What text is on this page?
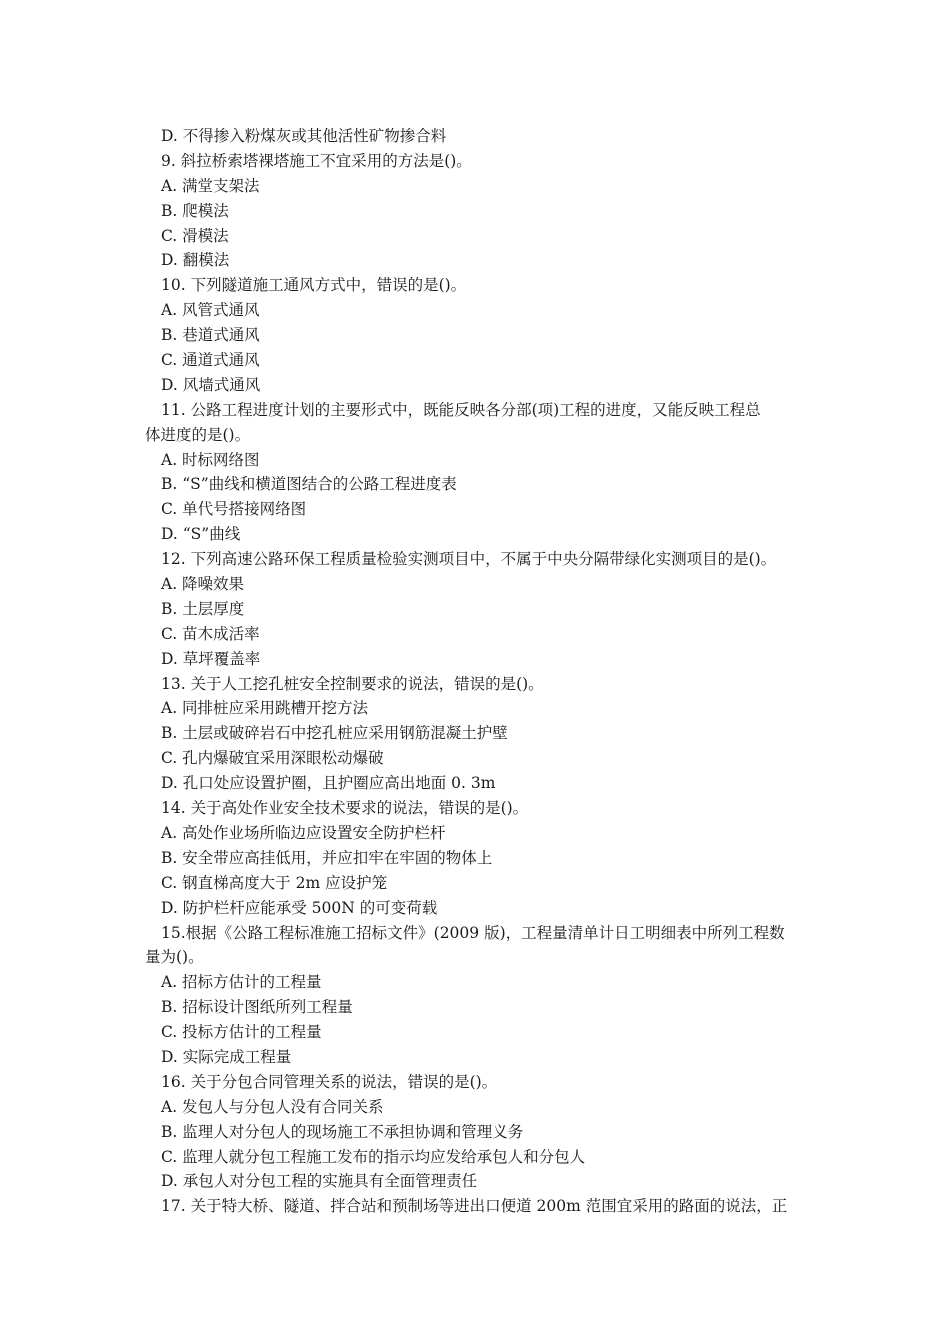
D. 不得掺入粉煤灰或其他活性矿物掺合料
9. 斜拉桥索塔裸塔施工不宜采用的方法是()。
A. 满堂支架法
B. 爬模法
C. 滑模法
D. 翻模法
10. 下列隧道施工通风方式中，错误的是()。
A. 风管式通风
B. 巷道式通风
C. 通道式通风
D. 风墙式通风
11. 公路工程进度计划的主要形式中，既能反映各分部(项)工程的进度，又能反映工程总
体进度的是()。
A. 时标网络图
B. “S”曲线和横道图结合的公路工程进度表
C. 单代号搭接网络图
D. “S”曲线
12. 下列高速公路环保工程质量检验实测项目中，不属于中央分隔带绿化实测项目的是()。
A. 降噪效果
B. 土层厚度
C. 苗木成活率
D. 草坪覆盖率
13. 关于人工挖孔桩安全控制要求的说法，错误的是()。
A. 同排桩应采用跳槽开挖方法
B. 土层或破碎岩石中挖孔桩应采用钢筋混凝土护壁
C. 孔内爆破宜采用深眼松动爆破
D. 孔口处应设置护圈，且护圈应高出地面 0. 3m
14. 关于高处作业安全技术要求的说法，错误的是()。
A. 高处作业场所临边应设置安全防护栏杆
B. 安全带应高挂低用，并应扣牢在牢固的物体上
C. 钢直梯高度大于 2m 应设护笼
D. 防护栏杆应能承受 500N 的可变荷载
15.根据《公路工程标准施工招标文件》(2009 版)，工程量清单计日工明细表中所列工程数
量为()。
A. 招标方估计的工程量
B. 招标设计图纸所列工程量
C. 投标方估计的工程量
D. 实际完成工程量
16. 关于分包合同管理关系的说法，错误的是()。
A. 发包人与分包人没有合同关系
B. 监理人对分包人的现场施工不承担协调和管理义务
C. 监理人就分包工程施工发布的指示均应发给承包人和分包人
D. 承包人对分包工程的实施具有全面管理责任
17. 关于特大桥、隧道、拌合站和预制场等进出口便道 200m 范围宜采用的路面的说法，正
